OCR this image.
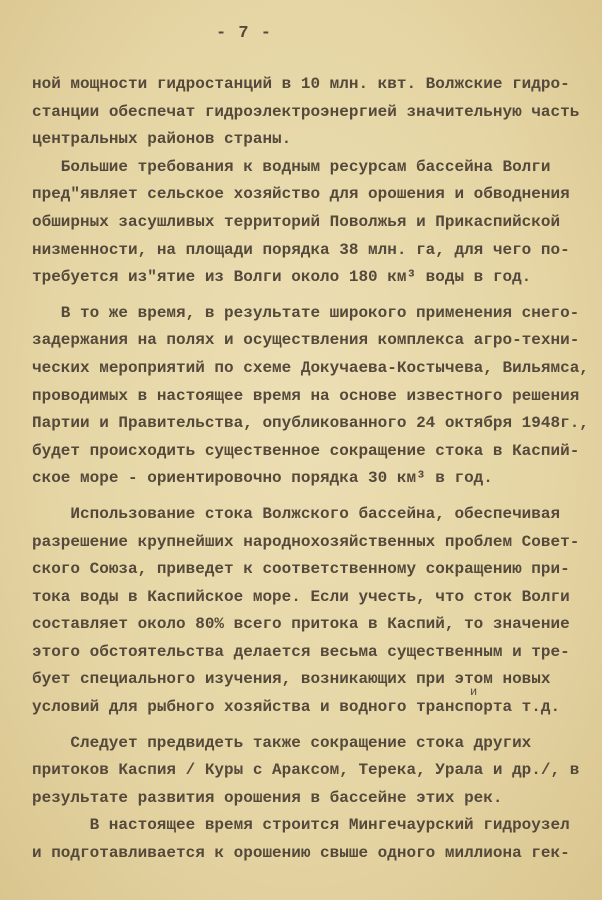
- 7 -
ной мощности гидростанций в 10 млн. квт. Волжские гидро-
станции обеспечат гидроэлектроэнергией значительную часть
центральных районов страны.
Большие требования к водным ресурсам бассейна Волги
пред"являет сельское хозяйство для орошения и обводнения
обширных засушливых территорий Поволжья и Прикаспийской
низменности, на площади порядка 38 млн. га, для чего по-
требуется из"ятие из Волги около 180 км³ воды в год.
В то же время, в результате широкого применения снего-
задержания на полях и осуществления комплекса агро-техни-
ческих мероприятий по схеме Докучаева-Костычева, Вильямса,
проводимых в настоящее время на основе известного решения
Партии и Правительства, опубликованного 24 октября 1948г.,
будет происходить существенное сокращение стока в Каспий-
ское море - ориентировочно порядка 30 км³ в год.
Использование стока Волжского бассейна, обеспечивая
разрешение крупнейших народнохозяйственных проблем Совет-
ского Союза, приведет к соответственному сокращению при-
тока воды в Каспийское море. Если учесть, что сток Волги
составляет около 80% всего притока в Каспий, то значение
этого обстоятельства делается весьма существенным и тре-
бует специального изучения, возникающих при этом новых
условий для рыбного хозяйства и водного транспорта т.д.
Следует предвидеть также сокращение стока других
притоков Каспия / Куры с Араксом, Терека, Урала и др./, в
результате развития орошения в бассейне этих рек.
В настоящее время строится Мингечаурский гидроузел
и подготавливается к орошению свыше одного миллиона гек-
и
